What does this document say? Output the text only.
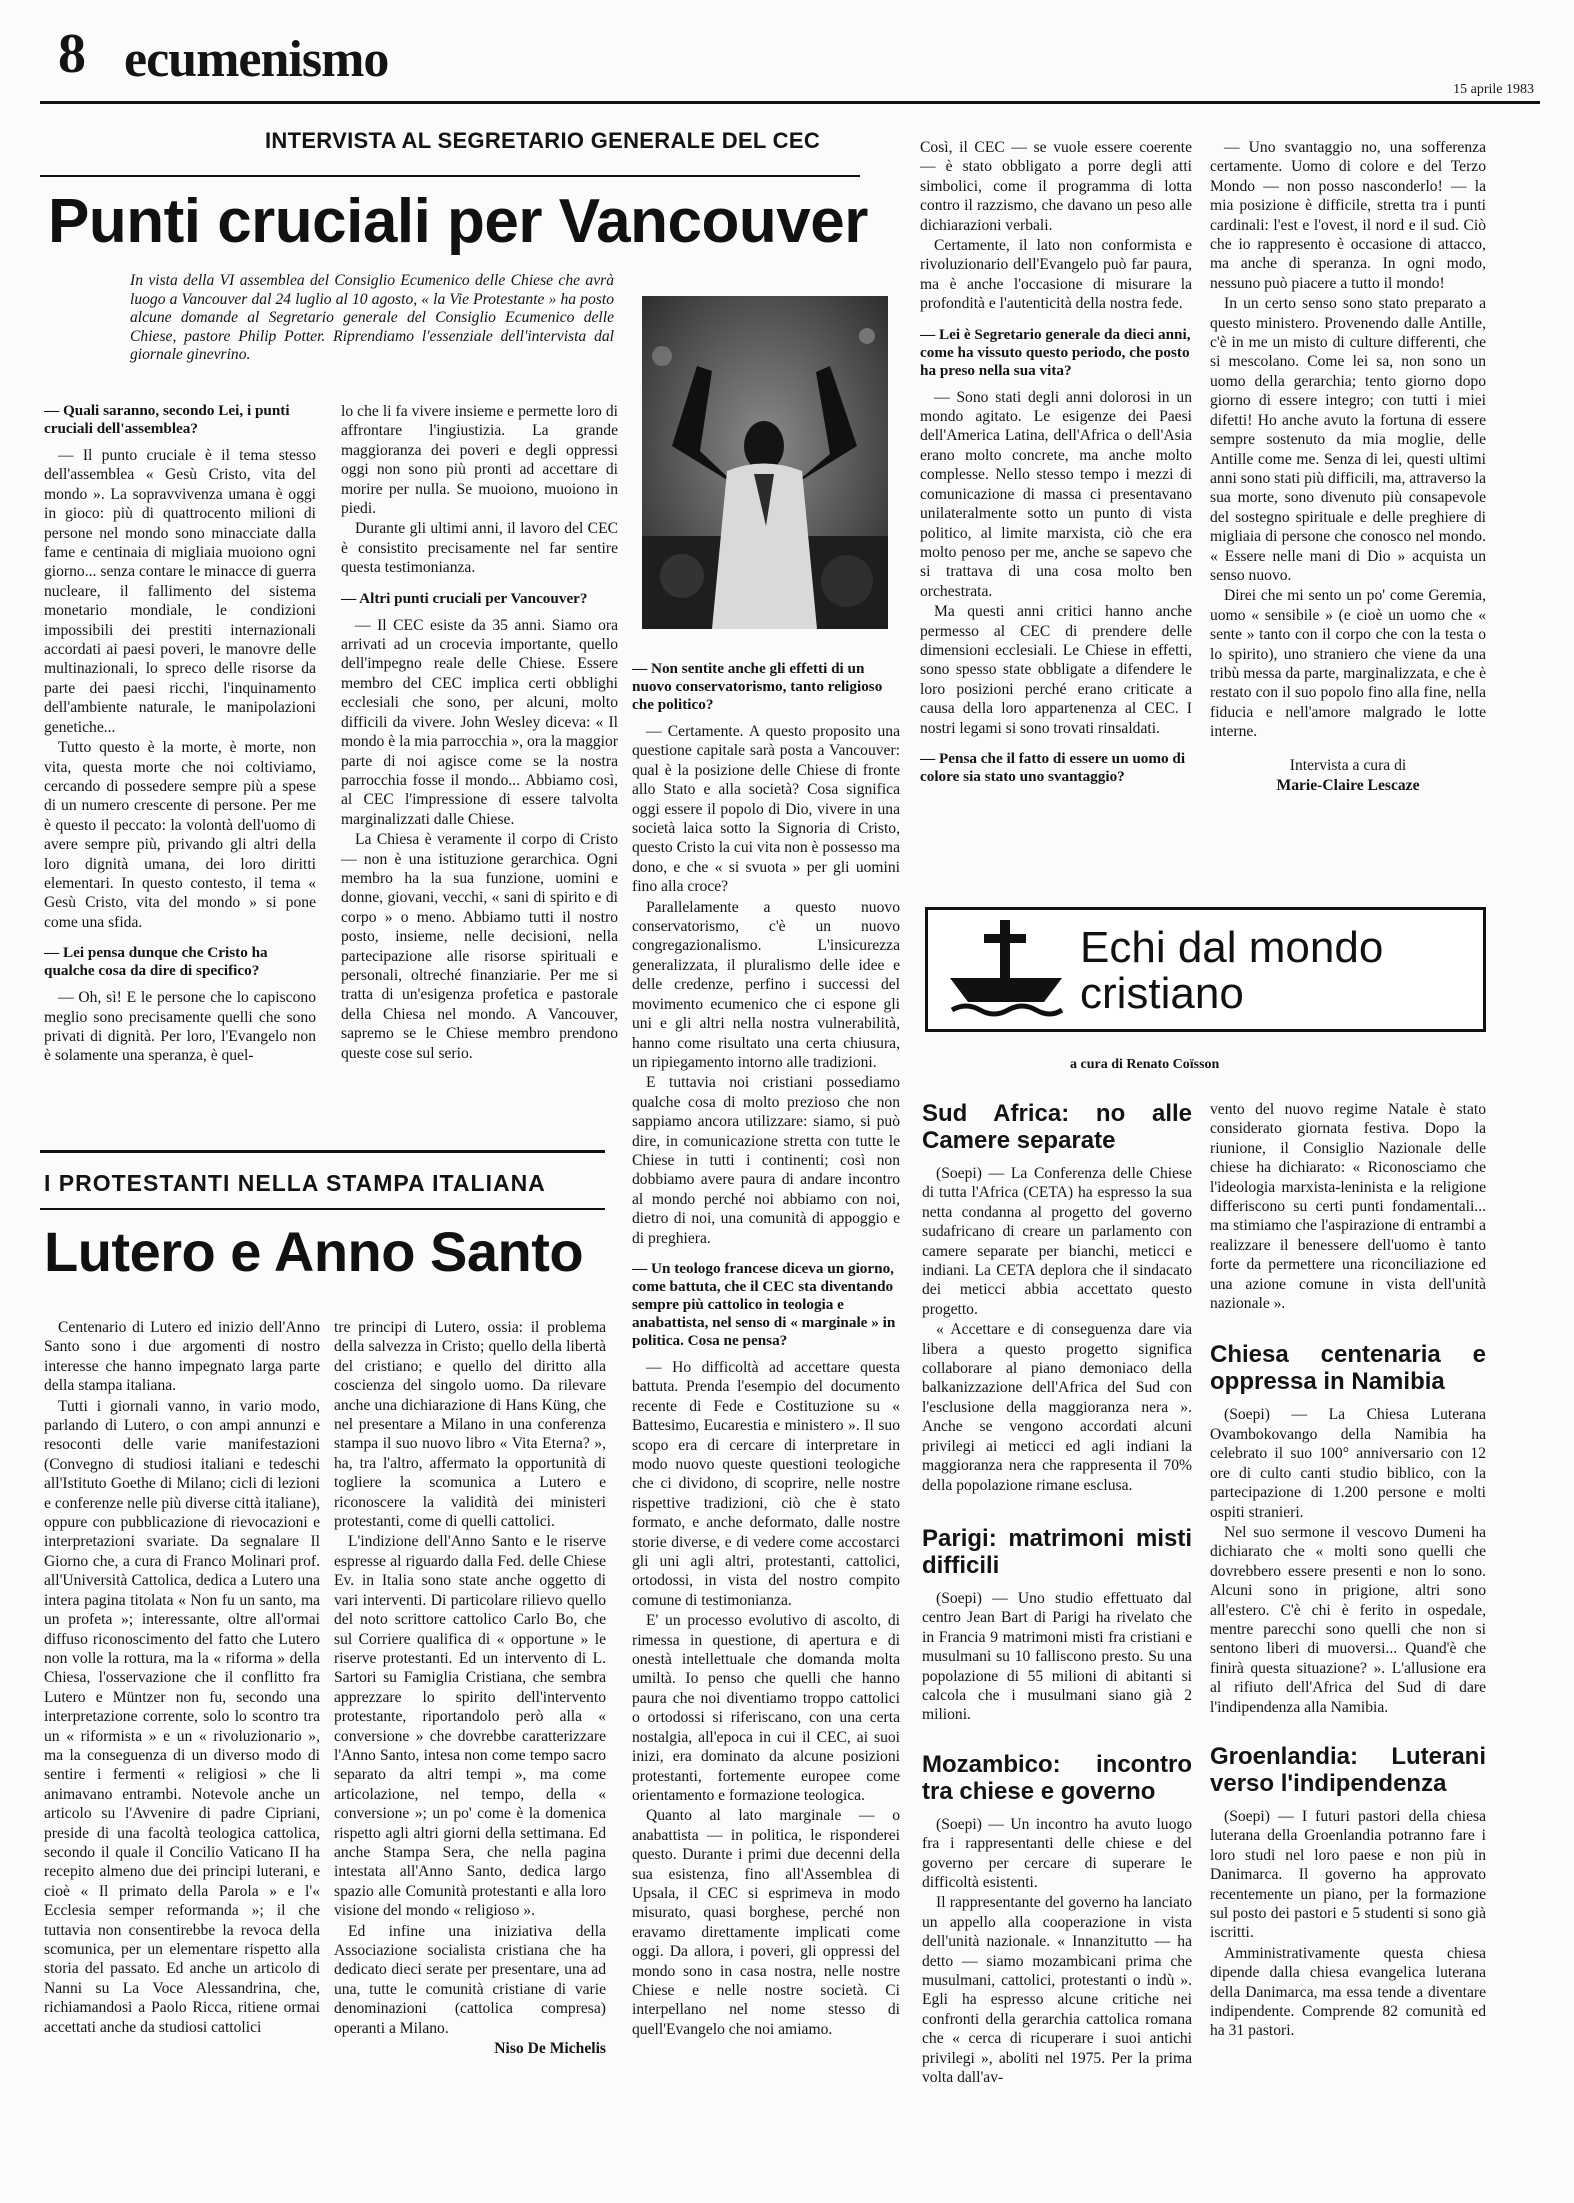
8 ecumenismo
15 aprile 1983
INTERVISTA AL SEGRETARIO GENERALE DEL CEC
Punti cruciali per Vancouver
In vista della VI assemblea del Consiglio Ecumenico delle Chiese che avrà luogo a Vancouver dal 24 luglio al 10 agosto, « la Vie Protestante » ha posto alcune domande al Segretario generale del Consiglio Ecumenico delle Chiese, pastore Philip Potter. Riprendiamo l'essenziale dell'intervista dal giornale ginevrino.

— Quali saranno, secondo Lei, i punti cruciali dell'assemblea?

— Il punto cruciale è il tema stesso dell'assemblea « Gesù Cristo, vita del mondo ». La sopravvivenza umana è oggi in gioco: più di quattrocento milioni di persone nel mondo sono minacciate dalla fame e centinaia di migliaia muoiono ogni giorno... senza contare le minacce di guerra nucleare, il fallimento del sistema monetario mondiale, le condizioni impossibili dei prestiti internazionali accordati ai paesi poveri, le manovre delle multinazionali, lo spreco delle risorse da parte dei paesi ricchi, l'inquinamento dell'ambiente naturale, le manipolazioni genetiche...

Tutto questo è la morte, è morte, non vita, questa morte che noi coltiviamo, cercando di possedere sempre più a spese di un numero crescente di persone. Per me è questo il peccato: la volontà dell'uomo di avere sempre più, privando gli altri della loro dignità umana, dei loro diritti elementari. In questo contesto, il tema « Gesù Cristo, vita del mondo » si pone come una sfida.

— Lei pensa dunque che Cristo ha qualche cosa da dire di specifico?

— Oh, sì! E le persone che lo capiscono meglio sono precisamente quelli che sono privati di dignità. Per loro, l'Evangelo non è solamente una speranza, è quel-

lo che li fa vivere insieme e permette loro di affrontare l'ingiustizia. La grande maggioranza dei poveri e degli oppressi oggi non sono più pronti ad accettare di morire per nulla. Se muoiono, muoiono in piedi.

Durante gli ultimi anni, il lavoro del CEC è consistito precisamente nel far sentire questa testimonianza.

— Altri punti cruciali per Vancouver?

— Il CEC esiste da 35 anni. Siamo ora arrivati ad un crocevia importante, quello dell'impegno reale delle Chiese. Essere membro del CEC implica certi obblighi ecclesiali che sono, per alcuni, molto difficili da vivere. John Wesley diceva: « Il mondo è la mia parrocchia », ora la maggior parte di noi agisce come se la nostra parrocchia fosse il mondo... Abbiamo così, al CEC l'impressione di essere talvolta marginalizzati dalle Chiese.

La Chiesa è veramente il corpo di Cristo — non è una istituzione gerarchica. Ogni membro ha la sua funzione, uomini e donne, giovani, vecchi, « sani di spirito e di corpo » o meno. Abbiamo tutti il nostro posto, insieme, nelle decisioni, nella partecipazione alle risorse spirituali e personali, oltreché finanziarie. Per me si tratta di un'esigenza profetica e pastorale della Chiesa nel mondo. A Vancouver, sapremo se le Chiese membro prendono queste cose sul serio.

— Non sentite anche gli effetti di un nuovo conservatorismo, tanto religioso che politico?

— Certamente. A questo proposito una questione capitale sarà posta a Vancouver: qual è la posizione delle Chiese di fronte allo Stato e alla società? Cosa significa oggi essere il popolo di Dio, vivere in una società laica sotto la Signoria di Cristo, questo Cristo la cui vita non è possesso ma dono, e che « si svuota » per gli uomini fino alla croce?

Parallelamente a questo nuovo conservatorismo, c'è un nuovo congregazionalismo. L'insicurezza generalizzata, il pluralismo delle idee e delle credenze, perfino i successi del movimento ecumenico che ci espone gli uni e gli altri nella nostra vulnerabilità, hanno come risultato una certa chiusura, un ripiegamento intorno alle tradizioni.

E tuttavia noi cristiani possediamo qualche cosa di molto prezioso che non sappiamo ancora utilizzare: siamo, si può dire, in comunicazione stretta con tutte le Chiese in tutti i continenti; così non dobbiamo avere paura di andare incontro al mondo perché noi abbiamo con noi, dietro di noi, una comunità di appoggio e di preghiera.

— Un teologo francese diceva un giorno, come battuta, che il CEC sta diventando sempre più cattolico in teologia e anabattista, nel senso di « marginale » in politica. Cosa ne pensa?

— Ho difficoltà ad accettare questa battuta. Prenda l'esempio del documento recente di Fede e Costituzione su « Battesimo, Eucarestia e ministero ». Il suo scopo era di cercare di interpretare in modo nuovo queste questioni teologiche che ci dividono, di scoprire, nelle nostre rispettive tradizioni, ciò che è stato formato, e anche deformato, dalle nostre storie diverse, e di vedere come accostarci gli uni agli altri, protestanti, cattolici, ortodossi, in vista del nostro compito comune di testimonianza.

E' un processo evolutivo di ascolto, di rimessa in questione, di apertura e di onestà intellettuale che domanda molta umiltà. Io penso che quelli che hanno paura che noi diventiamo troppo cattolici o ortodossi si riferiscano, con una certa nostalgia, all'epoca in cui il CEC, ai suoi inizi, era dominato da alcune posizioni protestanti, fortemente europee come orientamento e formazione teologica.

Quanto al lato marginale — o anabattista — in politica, le risponderei questo. Durante i primi due decenni della sua esistenza, fino all'Assemblea di Upsala, il CEC si esprimeva in modo misurato, quasi borghese, perché non eravamo direttamente implicati come oggi. Da allora, i poveri, gli oppressi del mondo sono in casa nostra, nelle nostre Chiese e nelle nostre società. Ci interpellano nel nome stesso di quell'Evangelo che noi amiamo.

Così, il CEC — se vuole essere coerente — è stato obbligato a porre degli atti simbolici, come il programma di lotta contro il razzismo, che davano un peso alle dichiarazioni verbali.

Certamente, il lato non conformista e rivoluzionario dell'Evangelo può far paura, ma è anche l'occasione di misurare la profondità e l'autenticità della nostra fede.

— Lei è Segretario generale da dieci anni, come ha vissuto questo periodo, che posto ha preso nella sua vita?

— Sono stati degli anni dolorosi in un mondo agitato. Le esigenze dei Paesi dell'America Latina, dell'Africa o dell'Asia erano molto concrete, ma anche molto complesse. Nello stesso tempo i mezzi di comunicazione di massa ci presentavano unilateralmente sotto un punto di vista politico, al limite marxista, ciò che era molto penoso per me, anche se sapevo che si trattava di una cosa molto ben orchestrata.

Ma questi anni critici hanno anche permesso al CEC di prendere delle dimensioni ecclesiali. Le Chiese in effetti, sono spesso state obbligate a difendere le loro posizioni perché erano criticate a causa della loro appartenenza al CEC. I nostri legami si sono trovati rinsaldati.

— Pensa che il fatto di essere un uomo di colore sia stato uno svantaggio?

— Uno svantaggio no, una sofferenza certamente. Uomo di colore e del Terzo Mondo — non posso nasconderlo! — la mia posizione è difficile, stretta tra i punti cardinali: l'est e l'ovest, il nord e il sud. Ciò che io rappresento è occasione di attacco, ma anche di speranza. In ogni modo, nessuno può piacere a tutto il mondo!

In un certo senso sono stato preparato a questo ministero. Provenendo dalle Antille, c'è in me un misto di culture differenti, che si mescolano. Come lei sa, non sono un uomo della gerarchia; tento giorno dopo giorno di essere integro; con tutti i miei difetti! Ho anche avuto la fortuna di essere sempre sostenuto da mia moglie, delle Antille come me. Senza di lei, questi ultimi anni sono stati più difficili, ma, attraverso la sua morte, sono divenuto più consapevole del sostegno spirituale e delle preghiere di migliaia di persone che conosco nel mondo. « Essere nelle mani di Dio » acquista un senso nuovo.

Direi che mi sento un po' come Geremia, uomo « sensibile » (e cioè un uomo che « sente » tanto con il corpo che con la testa o lo spirito), uno straniero che viene da una tribù messa da parte, marginalizzata, e che è restato con il suo popolo fino alla fine, nella fiducia e nell'amore malgrado le lotte interne.

Intervista a cura di

Marie-Claire Lescaze

I PROTESTANTI NELLA STAMPA ITALIANA
Lutero e Anno Santo

Centenario di Lutero ed inizio dell'Anno Santo sono i due argomenti di nostro interesse che hanno impegnato larga parte della stampa italiana.

Tutti i giornali vanno, in vario modo, parlando di Lutero, o con ampi annunzi e resoconti delle varie manifestazioni (Convegno di studiosi italiani e tedeschi all'Istituto Goethe di Milano; cicli di lezioni e conferenze nelle più diverse città italiane), oppure con pubblicazione di rievocazioni e interpretazioni svariate. Da segnalare Il Giorno che, a cura di Franco Molinari prof. all'Università Cattolica, dedica a Lutero una intera pagina titolata « Non fu un santo, ma un profeta »; interessante, oltre all'ormai diffuso riconoscimento del fatto che Lutero non volle la rottura, ma la « riforma » della Chiesa, l'osservazione che il conflitto fra Lutero e Müntzer non fu, secondo una interpretazione corrente, solo lo scontro tra un « riformista » e un « rivoluzionario », ma la conseguenza di un diverso modo di sentire i fermenti « religiosi » che li animavano entrambi. Notevole anche un articolo su l'Avvenire di padre Cipriani, preside di una facoltà teologica cattolica, secondo il quale il Concilio Vaticano II ha recepito almeno due dei principi luterani, e cioè « Il primato della Parola » e l'« Ecclesia semper reformanda »; il che tuttavia non consentirebbe la revoca della scomunica, per un elementare rispetto alla storia del passato. Ed anche un articolo di Nanni su La Voce Alessandrina, che, richiamandosi a Paolo Ricca, ritiene ormai accettati anche da studiosi cattolici

tre principi di Lutero, ossia: il problema della salvezza in Cristo; quello della libertà del cristiano; e quello del diritto alla coscienza del singolo uomo. Da rilevare anche una dichiarazione di Hans Küng, che nel presentare a Milano in una conferenza stampa il suo nuovo libro « Vita Eterna? », ha, tra l'altro, affermato la opportunità di togliere la scomunica a Lutero e riconoscere la validità dei ministeri protestanti, come di quelli cattolici.

L'indizione dell'Anno Santo e le riserve espresse al riguardo dalla Fed. delle Chiese Ev. in Italia sono state anche oggetto di vari interventi. Di particolare rilievo quello del noto scrittore cattolico Carlo Bo, che sul Corriere qualifica di « opportune » le riserve protestanti. Ed un intervento di L. Sartori su Famiglia Cristiana, che sembra apprezzare lo spirito dell'intervento protestante, riportandolo però alla « conversione » che dovrebbe caratterizzare l'Anno Santo, intesa non come tempo sacro separato da altri tempi », ma come articolazione, nel tempo, della « conversione »; un po' come è la domenica rispetto agli altri giorni della settimana. Ed anche Stampa Sera, che nella pagina intestata all'Anno Santo, dedica largo spazio alle Comunità protestanti e alla loro visione del mondo « religioso ».

Ed infine una iniziativa della Associazione socialista cristiana che ha dedicato dieci serate per presentare, una ad una, tutte le comunità cristiane di varie denominazioni (cattolica compresa) operanti a Milano.

Niso De Michelis

Echi dal mondo
cristiano
a cura di Renato Coïsson
Sud Africa: no alle Camere separate

(Soepi) — La Conferenza delle Chiese di tutta l'Africa (CETA) ha espresso la sua netta condanna al progetto del governo sudafricano di creare un parlamento con camere separate per bianchi, meticci e indiani. La CETA deplora che il sindacato dei meticci abbia accettato questo progetto.

« Accettare e di conseguenza dare via libera a questo progetto significa collaborare al piano demoniaco della balkanizzazione dell'Africa del Sud con l'esclusione della maggioranza nera ». Anche se vengono accordati alcuni privilegi ai meticci ed agli indiani la maggioranza nera che rappresenta il 70% della popolazione rimane esclusa.

Parigi: matrimoni misti difficili

(Soepi) — Uno studio effettuato dal centro Jean Bart di Parigi ha rivelato che in Francia 9 matrimoni misti fra cristiani e musulmani su 10 falliscono presto. Su una popolazione di 55 milioni di abitanti si calcola che i musulmani siano già 2 milioni.

Mozambico: incontro tra chiese e governo

(Soepi) — Un incontro ha avuto luogo fra i rappresentanti delle chiese e del governo per cercare di superare le difficoltà esistenti.

Il rappresentante del governo ha lanciato un appello alla cooperazione in vista dell'unità nazionale. « Innanzitutto — ha detto — siamo mozambicani prima che musulmani, cattolici, protestanti o indù ». Egli ha espresso alcune critiche nei confronti della gerarchia cattolica romana che « cerca di ricuperare i suoi antichi privilegi », aboliti nel 1975. Per la prima volta dall'av-

vento del nuovo regime Natale è stato considerato giornata festiva. Dopo la riunione, il Consiglio Nazionale delle chiese ha dichiarato: « Riconosciamo che l'ideologia marxista-leninista e la religione differiscono su certi punti fondamentali... ma stimiamo che l'aspirazione di entrambi a realizzare il benessere dell'uomo è tanto forte da permettere una riconciliazione ed una azione comune in vista dell'unità nazionale ».

Chiesa centenaria e oppressa in Namibia

(Soepi) — La Chiesa Luterana Ovambokovango della Namibia ha celebrato il suo 100° anniversario con 12 ore di culto canti studio biblico, con la partecipazione di 1.200 persone e molti ospiti stranieri.

Nel suo sermone il vescovo Dumeni ha dichiarato che « molti sono quelli che dovrebbero essere presenti e non lo sono. Alcuni sono in prigione, altri sono all'estero. C'è chi è ferito in ospedale, mentre parecchi sono quelli che non si sentono liberi di muoversi... Quand'è che finirà questa situazione? ». L'allusione era al rifiuto dell'Africa del Sud di dare l'indipendenza alla Namibia.

Groenlandia: Luterani verso l'indipendenza

(Soepi) — I futuri pastori della chiesa luterana della Groenlandia potranno fare i loro studi nel loro paese e non più in Danimarca. Il governo ha approvato recentemente un piano, per la formazione sul posto dei pastori e 5 studenti si sono già iscritti.

Amministrativamente questa chiesa dipende dalla chiesa evangelica luterana della Danimarca, ma essa tende a diventare indipendente. Comprende 82 comunità ed ha 31 pastori.
